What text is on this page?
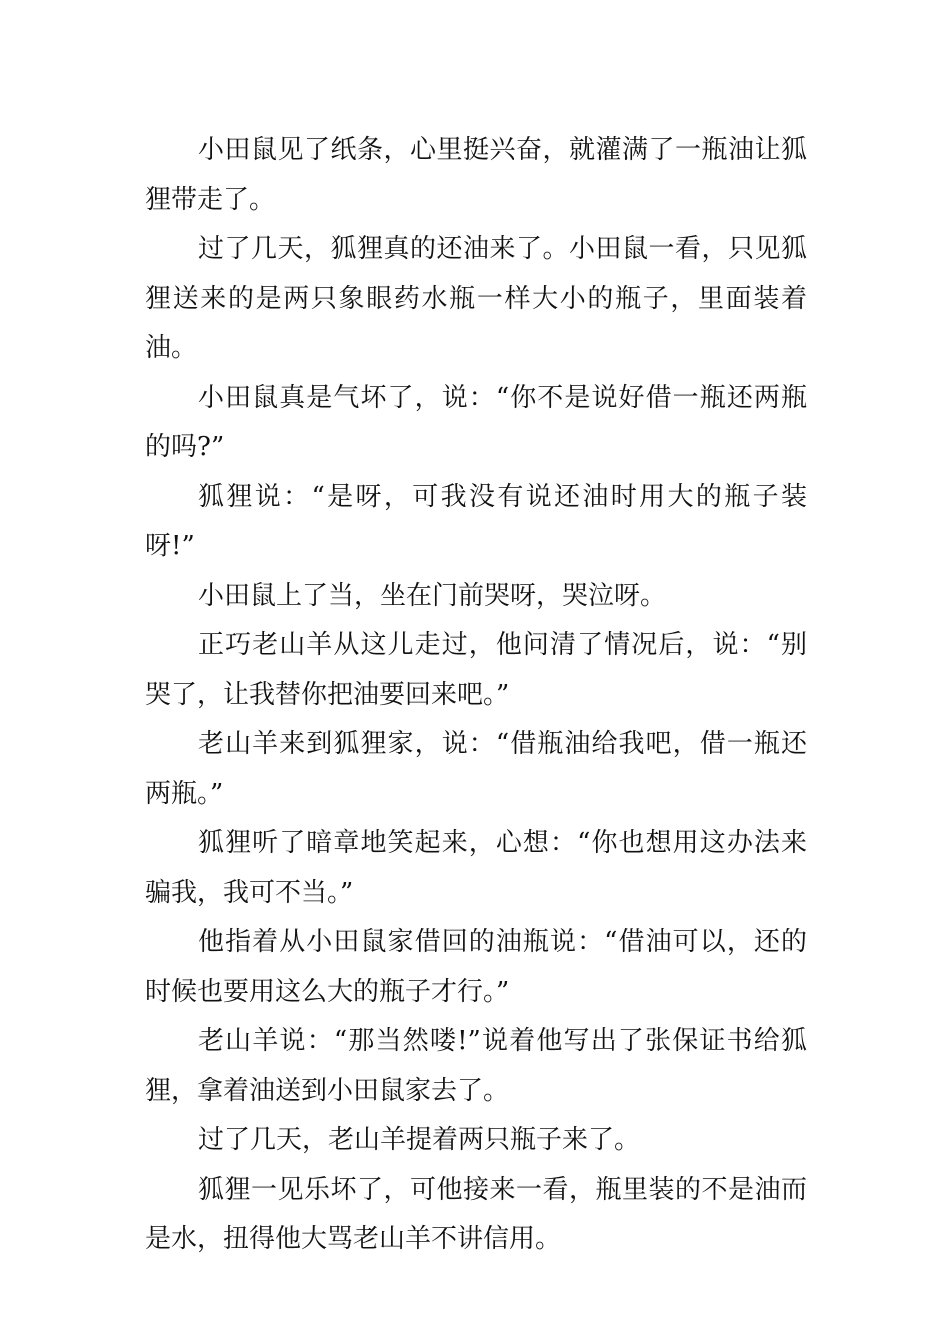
小田鼠见了纸条，心里挺兴奋，就灌满了一瓶油让狐狸带走了。

过了几天，狐狸真的还油来了。小田鼠一看，只见狐狸送来的是两只象眼药水瓶一样大小的瓶子，里面装着油。

小田鼠真是气坏了，说：“你不是说好借一瓶还两瓶的吗?”

狐狸说：“是呀，可我没有说还油时用大的瓶子装呀!”

小田鼠上了当，坐在门前哭呀，哭泣呀。

正巧老山羊从这儿走过，他问清了情况后，说：“别哭了，让我替你把油要回来吧。”

老山羊来到狐狸家，说：“借瓶油给我吧，借一瓶还两瓶。”

狐狸听了暗章地笑起来，心想：“你也想用这办法来骗我，我可不当。”

他指着从小田鼠家借回的油瓶说：“借油可以，还的时候也要用这么大的瓶子才行。”

老山羊说：“那当然喽!”说着他写出了张保证书给狐狸，拿着油送到小田鼠家去了。

过了几天，老山羊提着两只瓶子来了。

狐狸一见乐坏了，可他接来一看，瓶里装的不是油而是水，扭得他大骂老山羊不讲信用。
